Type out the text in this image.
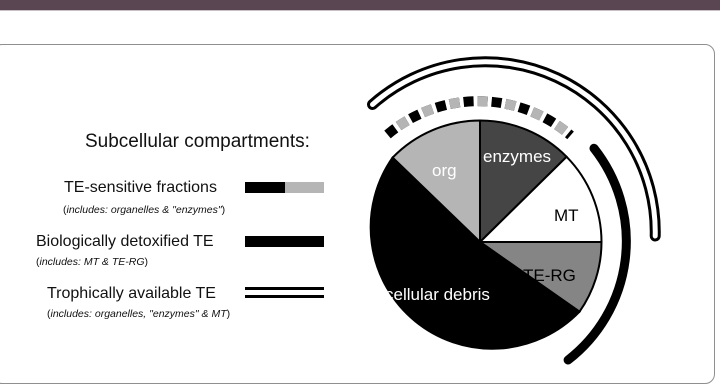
Subcellular compartments:
TE-sensitive fractions
(includes: organelles & "enzymes")
Biologically detoxified TE
(includes: MT & TE-RG)
Trophically available TE
(includes: organelles, "enzymes" & MT)
org
enzymes
MT
TE-RG
cellular debris
